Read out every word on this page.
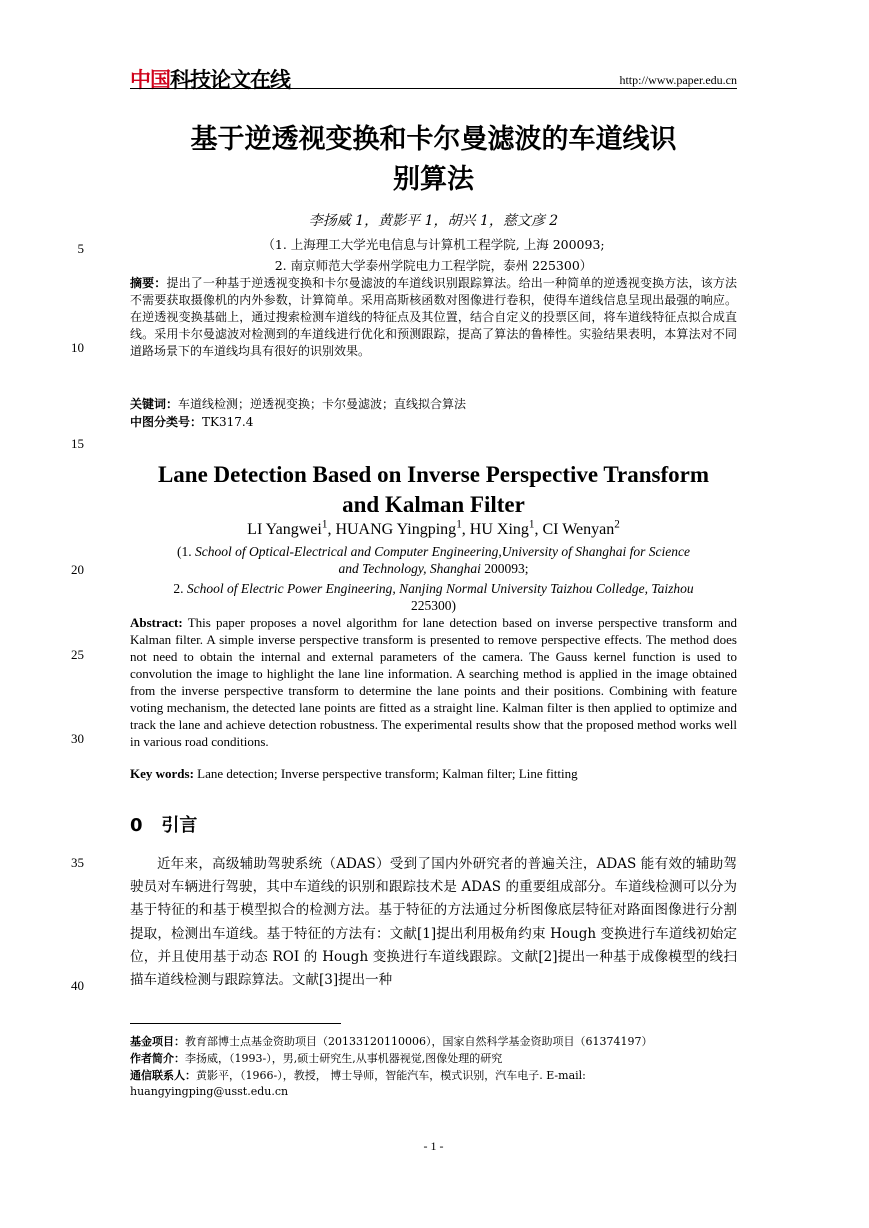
中国科技论文在线	http://www.paper.edu.cn
基于逆透视变换和卡尔曼滤波的车道线识
别算法
李扬威 1，黄影平 1，胡兴 1，慈文彦 2
（1. 上海理工大学光电信息与计算机工程学院, 上海 200093;
2. 南京师范大学泰州学院电力工程学院，泰州 225300）
摘要：提出了一种基于逆透视变换和卡尔曼滤波的车道线识别跟踪算法。给出一种简单的逆透视变换方法，该方法不需要获取摄像机的内外参数，计算简单。采用高斯核函数对图像进行卷积，使得车道线信息呈现出最强的响应。在逆透视变换基础上，通过搜索检测车道线的特征点及其位置，结合自定义的投票区间，将车道线特征点拟合成直线。采用卡尔曼滤波对检测到的车道线进行优化和预测跟踪，提高了算法的鲁棒性。实验结果表明，本算法对不同道路场景下的车道线均具有很好的识别效果。
关键词：车道线检测；逆透视变换；卡尔曼滤波；直线拟合算法
中图分类号：TK317.4
Lane Detection Based on Inverse Perspective Transform
and Kalman Filter
LI Yangwei$^1$, HUANG Yingping$^1$, HU Xing$^1$, CI Wenyan$^2$
(1. School of Optical-Electrical and Computer Engineering,University of Shanghai for Science
and Technology, Shanghai 200093;
2. School of Electric Power Engineering, Nanjing Normal University Taizhou Colledge, Taizhou
225300)
Abstract: This paper proposes a novel algorithm for lane detection based on inverse perspective transform and Kalman filter. A simple inverse perspective transform is presented to remove perspective effects. The method does not need to obtain the internal and external parameters of the camera. The Gauss kernel function is used to convolution the image to highlight the lane line information. A searching method is applied in the image obtained from the inverse perspective transform to determine the lane points and their positions. Combining with feature voting mechanism, the detected lane points are fitted as a straight line. Kalman filter is then applied to optimize and track the lane and achieve detection robustness. The experimental results show that the proposed method works well in various road conditions.
Key words: Lane detection; Inverse perspective transform; Kalman filter; Line fitting
0 引言
近年来，高级辅助驾驶系统（ADAS）受到了国内外研究者的普遍关注，ADAS 能有效的辅助驾驶员对车辆进行驾驶，其中车道线的识别和跟踪技术是 ADAS 的重要组成部分。车道线检测可以分为基于特征的和基于模型拟合的检测方法。基于特征的方法通过分析图像底层特征对路面图像进行分割提取，检测出车道线。基于特征的方法有：文献[1]提出利用极角约束 Hough 变换进行车道线初始定位，并且使用基于动态 ROI 的 Hough 变换进行车道线跟踪。文献[2]提出一种基于成像模型的线扫描车道线检测与跟踪算法。文献[3]提出一种
基金项目：教育部博士点基金资助项目（20133120110006），国家自然科学基金资助项目（61374197）
作者简介：李扬威，（1993-），男,硕士研究生,从事机器视觉,图像处理的研究
通信联系人：黄影平，（1966-），教授， 博士导师，智能汽车，模式识别，汽车电子. E-mail: huangyingping@usst.edu.cn
5
10
15
20
25
30
35
40
- 1 -
